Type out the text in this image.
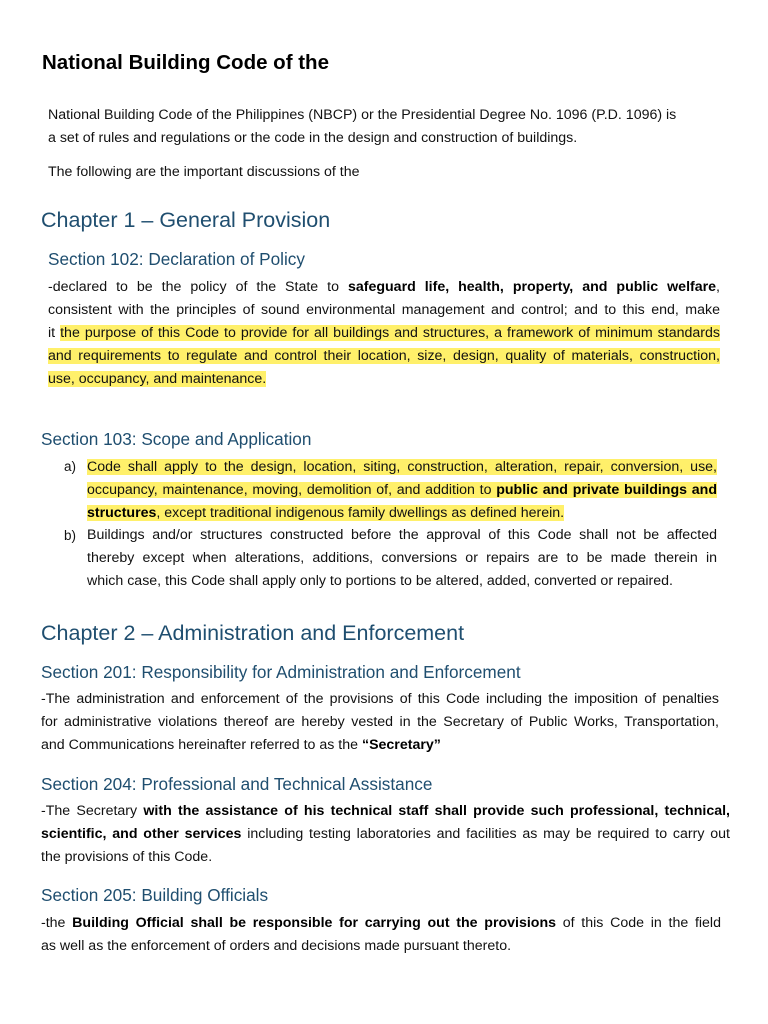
National Building Code of the
National Building Code of the Philippines (NBCP) or the Presidential Degree No. 1096 (P.D. 1096) is
a set of rules and regulations or the code in the design and construction of buildings.
The following are the important discussions of the
Chapter 1 – General Provision
Section 102: Declaration of Policy
-declared to be the policy of the State to safeguard life, health, property, and public welfare,
consistent with the principles of sound environmental management and control; and to this end, make
it the purpose of this Code to provide for all buildings and structures, a framework of minimum standards
and requirements to regulate and control their location, size, design, quality of materials, construction,
use, occupancy, and maintenance.
Section 103: Scope and Application
a) Code shall apply to the design, location, siting, construction, alteration, repair, conversion, use,
occupancy, maintenance, moving, demolition of, and addition to public and private buildings and
structures, except traditional indigenous family dwellings as defined herein.
b) Buildings and/or structures constructed before the approval of this Code shall not be affected
thereby except when alterations, additions, conversions or repairs are to be made therein in
which case, this Code shall apply only to portions to be altered, added, converted or repaired.
Chapter 2 – Administration and Enforcement
Section 201: Responsibility for Administration and Enforcement
-The administration and enforcement of the provisions of this Code including the imposition of penalties
for administrative violations thereof are hereby vested in the Secretary of Public Works, Transportation,
and Communications hereinafter referred to as the “Secretary”
Section 204: Professional and Technical Assistance
-The Secretary with the assistance of his technical staff shall provide such professional, technical,
scientific, and other services including testing laboratories and facilities as may be required to carry out
the provisions of this Code.
Section 205: Building Officials
-the Building Official shall be responsible for carrying out the provisions of this Code in the field
as well as the enforcement of orders and decisions made pursuant thereto.
